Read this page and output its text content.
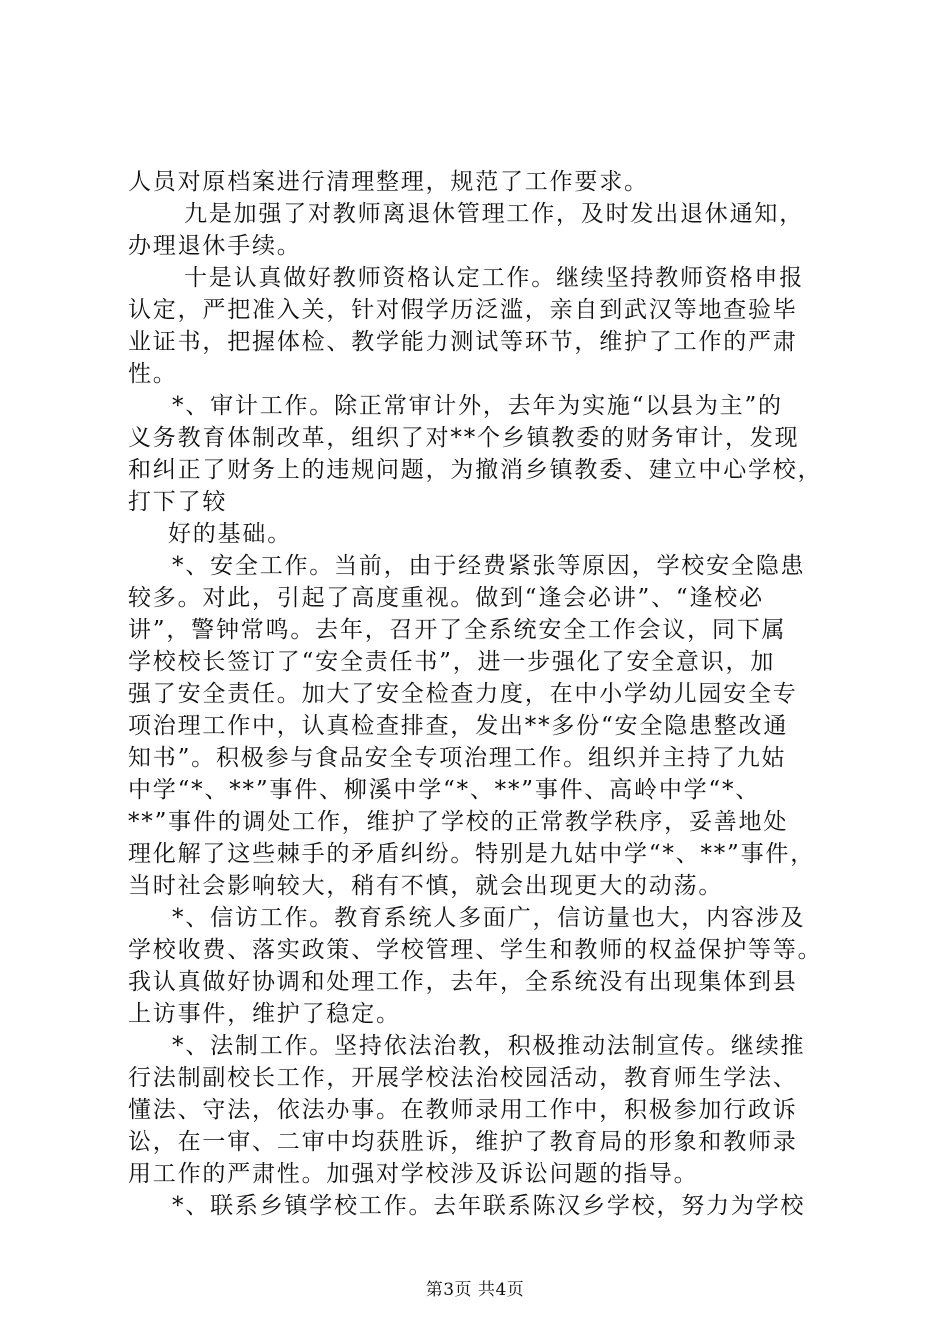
人员对原档案进行清理整理，规范了工作要求。
九是加强了对教师离退休管理工作，及时发出退休通知，
办理退休手续。
十是认真做好教师资格认定工作。继续坚持教师资格申报
认定，严把准入关，针对假学历泛滥，亲自到武汉等地查验毕
业证书，把握体检、教学能力测试等环节，维护了工作的严肃
性。
*、审计工作。除正常审计外，去年为实施“以县为主”的
义务教育体制改革，组织了对**个乡镇教委的财务审计，发现
和纠正了财务上的违规问题，为撤消乡镇教委、建立中心学校，
打下了较
好的基础。
*、安全工作。当前，由于经费紧张等原因，学校安全隐患
较多。对此，引起了高度重视。做到“逢会必讲”、“逢校必
讲”，警钟常鸣。去年，召开了全系统安全工作会议，同下属
学校校长签订了“安全责任书”，进一步强化了安全意识，加
强了安全责任。加大了安全检查力度，在中小学幼儿园安全专
项治理工作中，认真检查排查，发出**多份“安全隐患整改通
知书”。积极参与食品安全专项治理工作。组织并主持了九姑
中学“*、**”事件、柳溪中学“*、**”事件、高岭中学“*、
**”事件的调处工作，维护了学校的正常教学秩序，妥善地处
理化解了这些棘手的矛盾纠纷。特别是九姑中学“*、**”事件，
当时社会影响较大，稍有不慎，就会出现更大的动荡。
*、信访工作。教育系统人多面广，信访量也大，内容涉及
学校收费、落实政策、学校管理、学生和教师的权益保护等等。
我认真做好协调和处理工作，去年，全系统没有出现集体到县
上访事件，维护了稳定。
*、法制工作。坚持依法治教，积极推动法制宣传。继续推
行法制副校长工作，开展学校法治校园活动，教育师生学法、
懂法、守法，依法办事。在教师录用工作中，积极参加行政诉
讼，在一审、二审中均获胜诉，维护了教育局的形象和教师录
用工作的严肃性。加强对学校涉及诉讼问题的指导。
*、联系乡镇学校工作。去年联系陈汉乡学校，努力为学校
第3页 共4页
